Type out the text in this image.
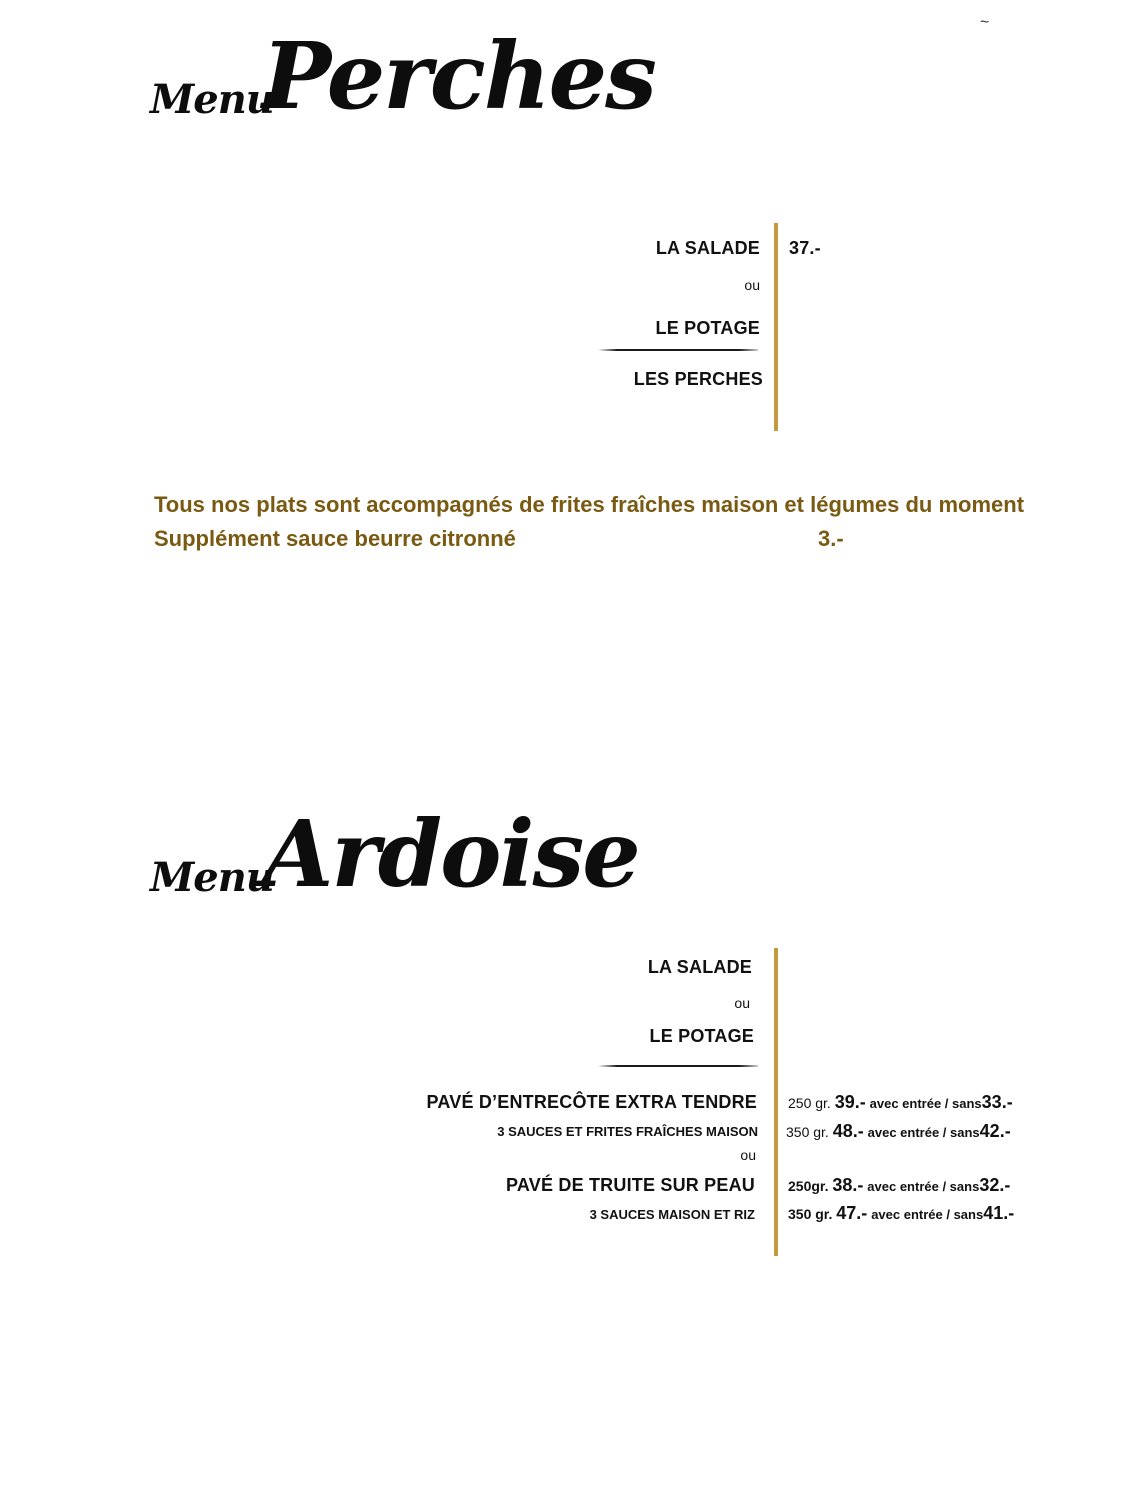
~
Menu
Perches
LA SALADE 37.-
ou
LE POTAGE
LES PERCHES
Tous nos plats sont accompagnés de frites fraîches maison et légumes du moment
Supplément sauce beurre citronné	3.-
Menu
Ardoise
LA SALADE
ou
LE POTAGE
PAVÉ D’ENTRECÔTE EXTRA TENDRE
3 SAUCES ET FRITES FRAÎCHES MAISON
ou
PAVÉ DE TRUITE SUR PEAU
3 SAUCES MAISON ET RIZ
250 gr. 39.- avec entrée / sans33.-
350 gr. 48.- avec entrée / sans42.-
250gr. 38.- avec entrée / sans32.-
350 gr. 47.- avec entrée / sans41.-
